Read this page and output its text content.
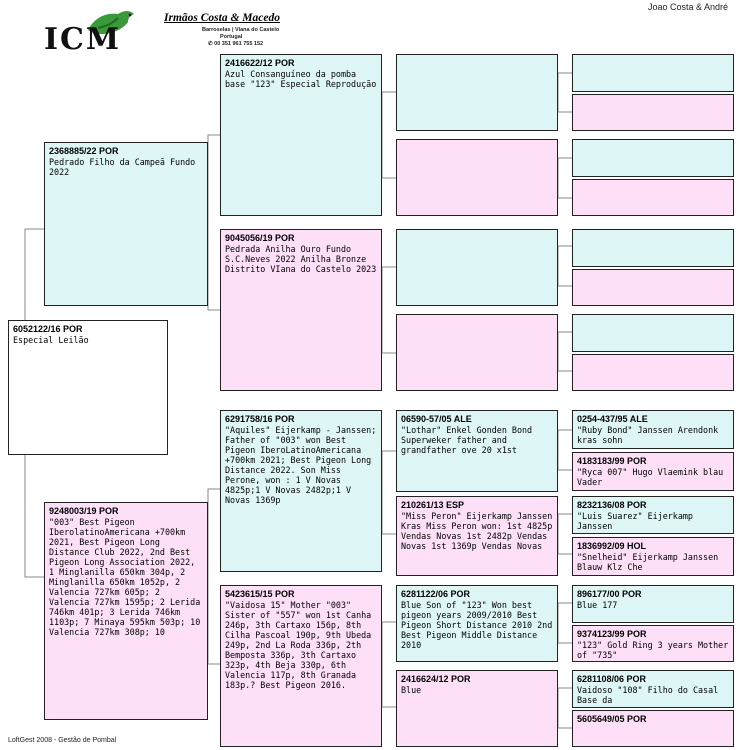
ICM
Irmãos Costa & Macedo
Barroselas | Viana do Castelo
Portugal
✆ 00 351 961 755 152
Joao Costa & André
6052122/16 POR
Especial Leilão
2368885/22 POR
Pedrado Filho da Campeã Fundo 2022
9248003/19 POR
"003" Best Pigeon IberolatinoAmericana +700km 2021, Best Pigeon Long Distance Club 2022, 2nd Best Pigeon Long Association 2022, 1 Minglanilla 650km 304p, 2 Minglanilla 650km 1052p, 2 Valencia 727km 605p; 2 Valencia 727km 1595p; 2 Lerida 746km 401p; 3 Lerida 746km 1103p; 7 Minaya 595km 503p; 10 Valencia 727km 308p; 10
2416622/12 POR
Azul Consanguíneo da pomba base "123" Especial Reprodução
9045056/19 POR
Pedrada Anilha Ouro Fundo S.C.Neves 2022 Anilha Bronze Distrito VIana do Castelo 2023
6291758/16 POR
"Aquiles" Eijerkamp - Janssen; Father of "003" won Best Pigeon IberoLatinoAmericana +700km 2021; Best Pigeon Long Distance 2022. Son Miss Perone, won : 1 V Novas 4825p;1 V Novas 2482p;1 V Novas 1369p
5423615/15 POR
"Vaidosa 15" Mother "003" Sister of "557" won 1st Canha 246p, 3th Cartaxo 156p, 8th Cilha Pascoal 190p, 9th Ubeda 249p, 2nd La Roda 336p, 2th Bemposta 336p, 3th Cartaxo 323p, 4th Beja 330p, 6th Valencia 117p, 8th Granada 183p.? Best Pigeon 2016.
06590-57/05 ALE
"Lothar" Enkel Gonden Bond Superweker father and grandfather ove 20 x1st
210261/13 ESP
"Miss Peron" Eijerkamp Janssen Kras Miss Peron won: 1st 4825p Vendas Novas 1st 2482p Vendas Novas 1st 1369p Vendas Novas
6281122/06 POR
Blue Son of "123" Won best pigeon years 2009/2010 Best Pigeon Short Distance 2010 2nd Best Pigeon Middle Distance 2010
2416624/12 POR
Blue
0254-437/95 ALE
"Ruby Bond" Janssen Arendonk kras sohn
4183183/99 POR
"Ryca 007" Hugo Vlaemink blau Vader
8232136/08 POR
"Luis Suarez" Eijerkamp Janssen
1836992/09 HOL
"Snelheid" Eijerkamp Janssen Blauw Klz Che
896177/00 POR
Blue 177
9374123/99 POR
"123" Gold Ring 3 years Mother of "735"
6281108/06 POR
Vaidoso "108" Filho do Casal Base da
5605649/05 POR
LoftGest 2008 - Gestão de Pombal
